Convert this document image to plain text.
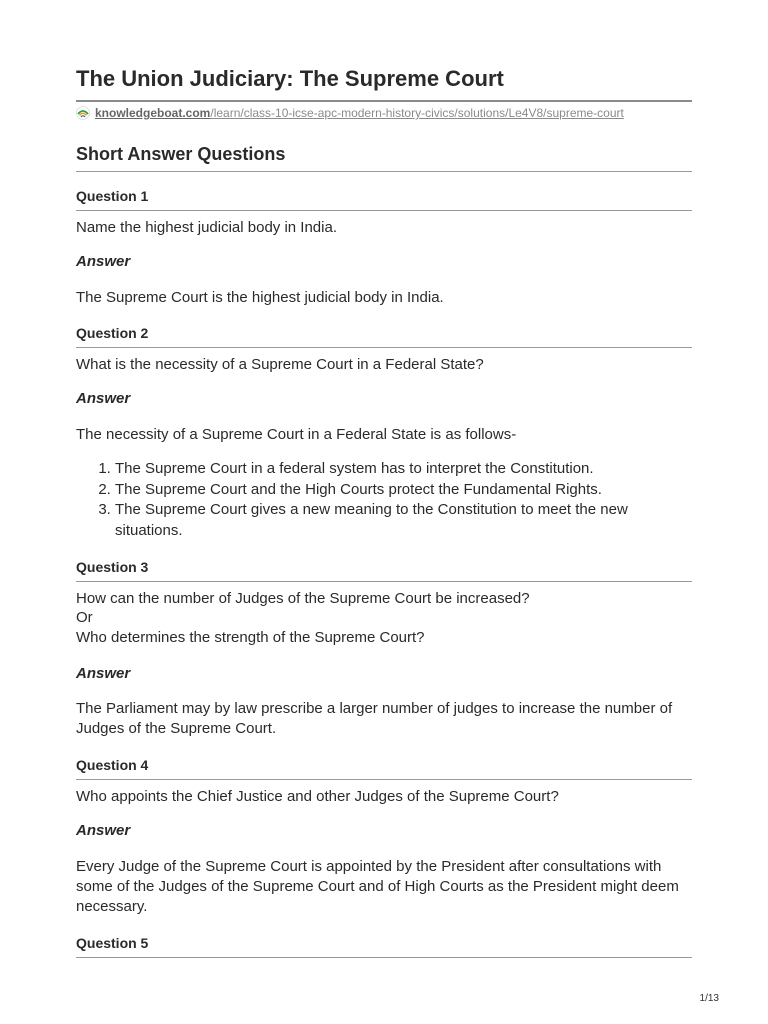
The Union Judiciary: The Supreme Court
knowledgeboat.com /learn/class-10-icse-apc-modern-history-civics/solutions/Le4V8/supreme-court
Short Answer Questions
Question 1
Name the highest judicial body in India.
Answer
The Supreme Court is the highest judicial body in India.
Question 2
What is the necessity of a Supreme Court in a Federal State?
Answer
The necessity of a Supreme Court in a Federal State is as follows-
1. The Supreme Court in a federal system has to interpret the Constitution.
2. The Supreme Court and the High Courts protect the Fundamental Rights.
3. The Supreme Court gives a new meaning to the Constitution to meet the new situations.
Question 3
How can the number of Judges of the Supreme Court be increased?
Or
Who determines the strength of the Supreme Court?
Answer
The Parliament may by law prescribe a larger number of judges to increase the number of Judges of the Supreme Court.
Question 4
Who appoints the Chief Justice and other Judges of the Supreme Court?
Answer
Every Judge of the Supreme Court is appointed by the President after consultations with some of the Judges of the Supreme Court and of High Courts as the President might deem necessary.
Question 5
1/13
